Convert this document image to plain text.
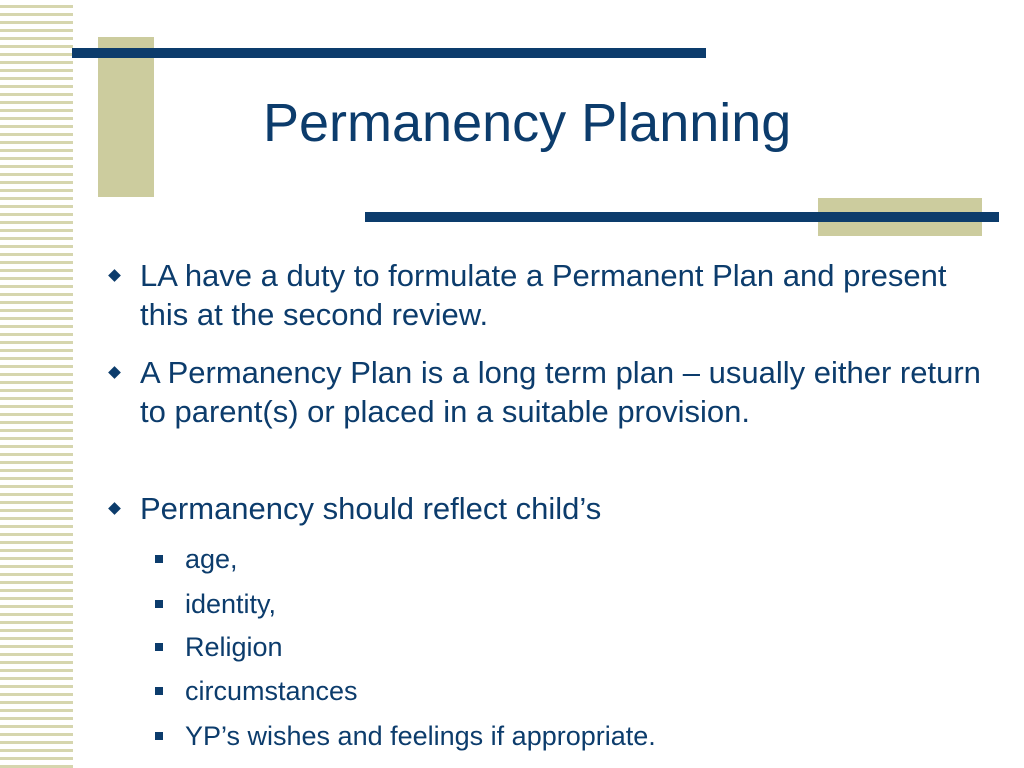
Permanency Planning
LA have a duty to formulate a Permanent Plan and present this at the second review.
A Permanency Plan is a long term plan – usually either return to parent(s) or placed in a suitable provision.
Permanency should reflect child’s
age,
identity,
Religion
circumstances
YP’s wishes and feelings if appropriate.
